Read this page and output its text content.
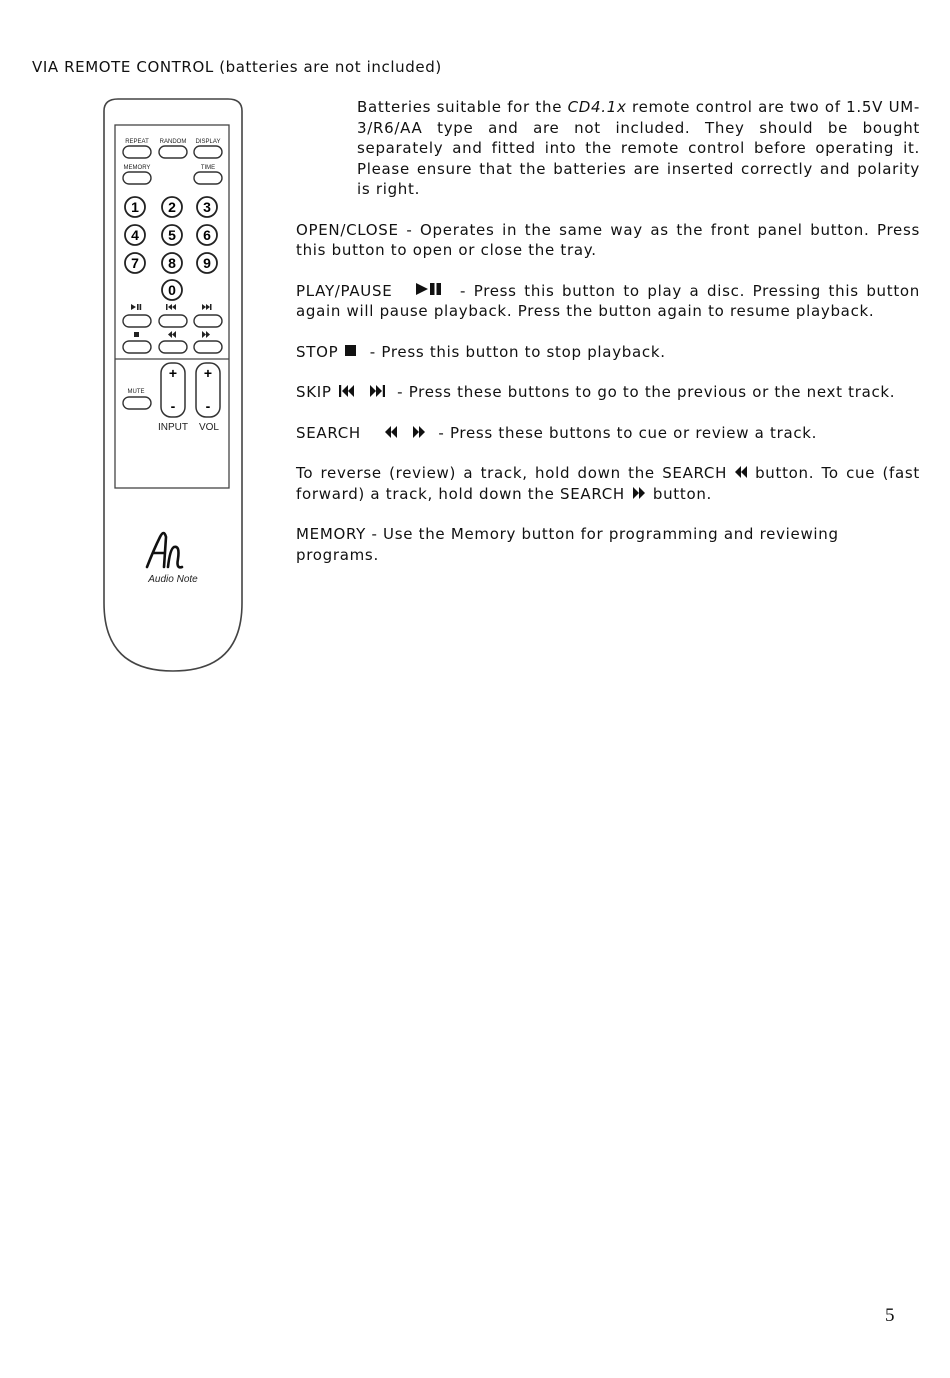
VIA REMOTE CONTROL (batteries are not included)
REPEAT RANDOM DISPLAY
MEMORY	TIME
1 2 3
4 5 6
7 8 9
0
MUTE
+
-
+
-
INPUT VOL
Audio Note

Batteries suitable for the CD4.1x remote control are two of 1.5V UM-3/R6/AA type and are not included. They should be bought separately and fitted into the remote control before operating it. Please ensure that the batteries are inserted correctly and polarity is right.

OPEN/CLOSE - Operates in the same way as the front panel button. Press this button to open or close the tray.

PLAY/PAUSE	- Press this button to play a disc. Pressing this button again will pause playback. Press the button again to resume playback.

STOP
- Press this button to stop playback.

SKIP	- Press these buttons to go to the previous or the next track.

SEARCH	- Press these buttons to cue or review a track.

To reverse (review) a track, hold down the SEARCH button. To cue (fast forward) a track, hold down the SEARCH button.

MEMORY - Use the Memory button for programming and reviewing programs.

5
